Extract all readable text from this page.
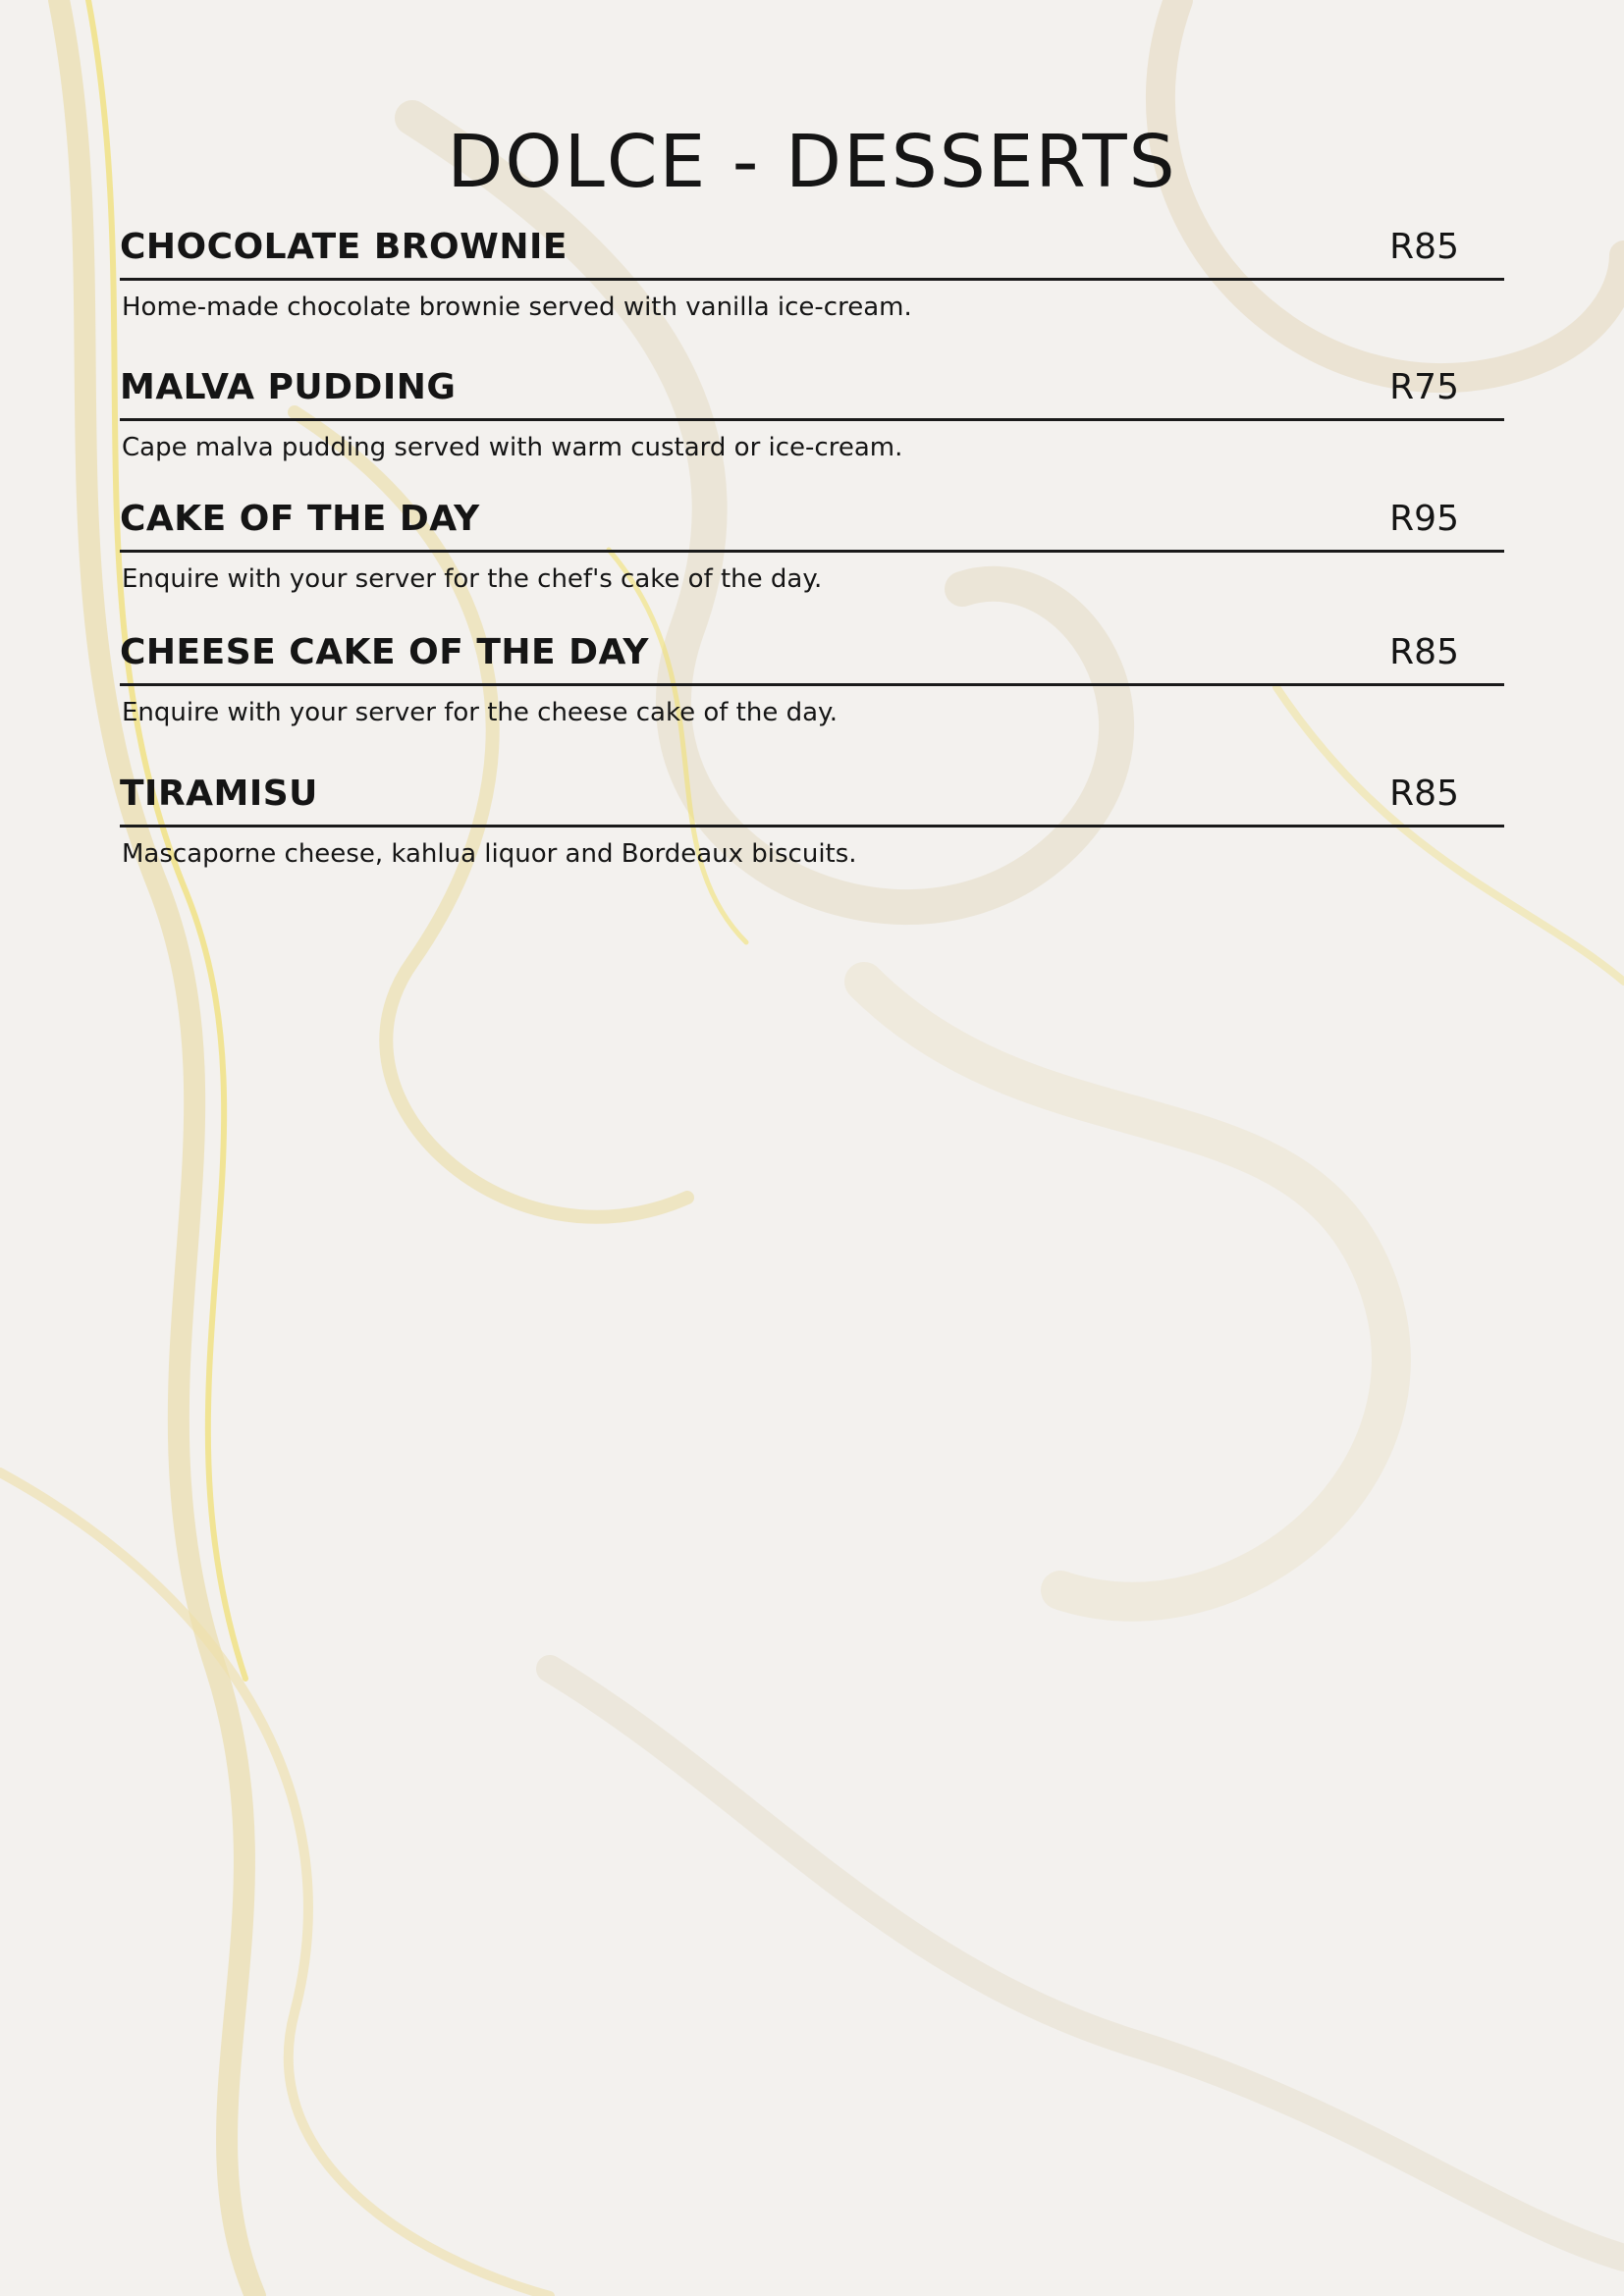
DOLCE - DESSERTS
CHOCOLATE BROWNIE	R85

Home-made chocolate brownie served with vanilla ice-cream.

MALVA PUDDING	R75

Cape malva pudding served with warm custard or ice-cream.

CAKE OF THE DAY	R95

Enquire with your server for the chef's cake of the day.

CHEESE CAKE OF THE DAY	R85

Enquire with your server for the cheese cake of the day.

TIRAMISU	R85

Mascaporne cheese, kahlua liquor and Bordeaux biscuits.
